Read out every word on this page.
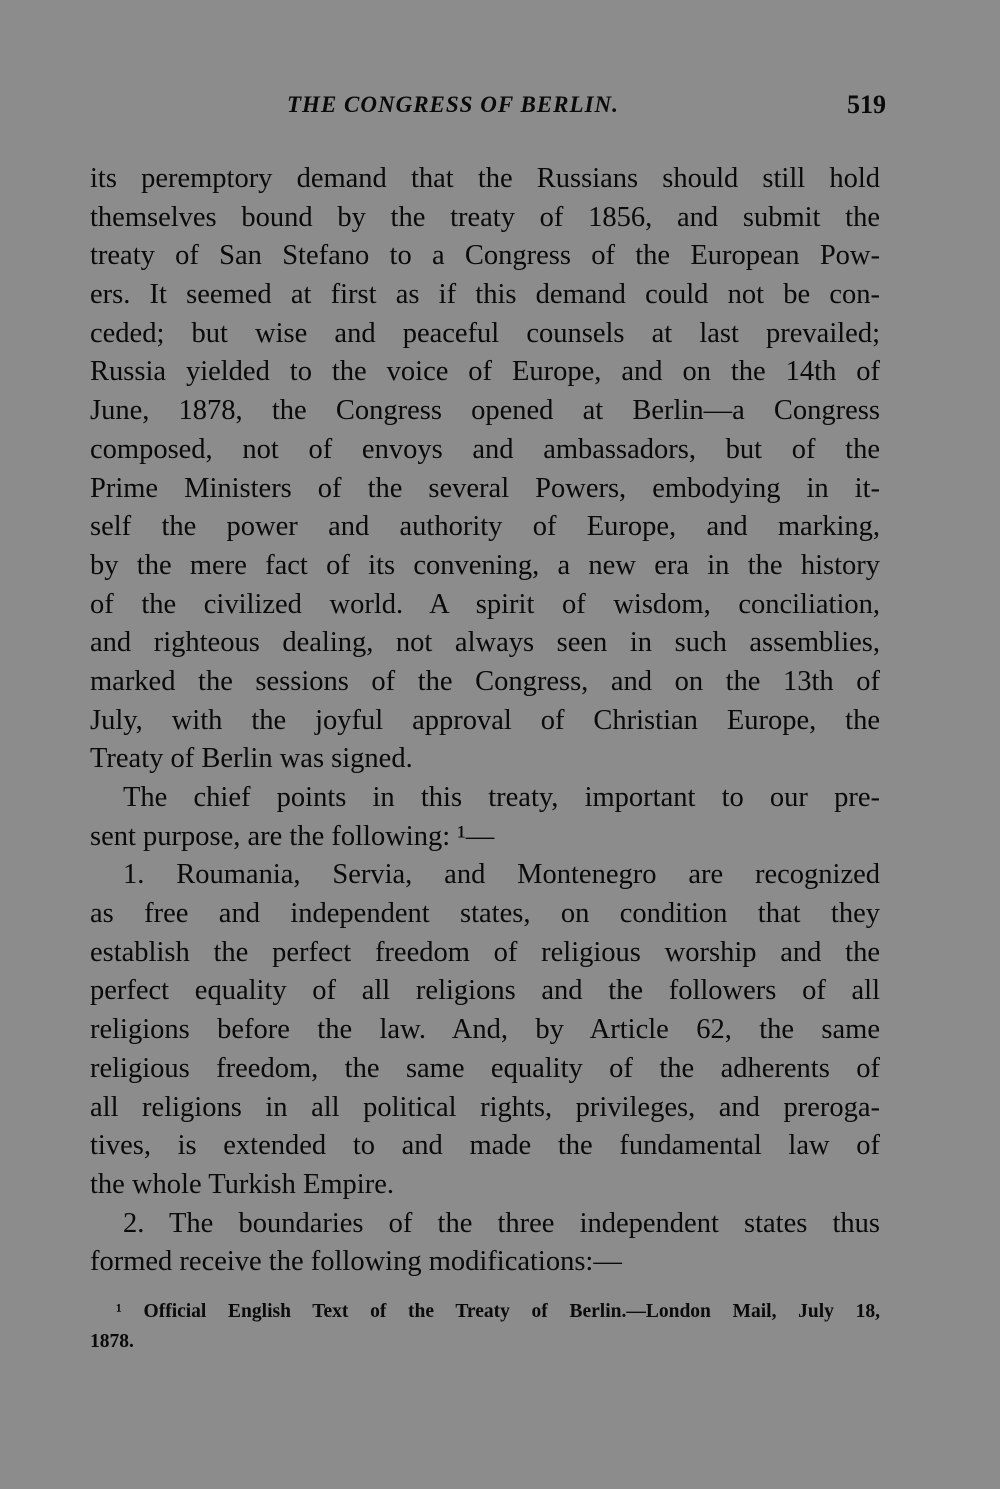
THE CONGRESS OF BERLIN.	519
its peremptory demand that the Russians should still hold
themselves bound by the treaty of 1856, and submit the
treaty of San Stefano to a Congress of the European Pow-
ers. It seemed at first as if this demand could not be con-
ceded; but wise and peaceful counsels at last prevailed;
Russia yielded to the voice of Europe, and on the 14th of
June, 1878, the Congress opened at Berlin—a Congress
composed, not of envoys and ambassadors, but of the
Prime Ministers of the several Powers, embodying in it-
self the power and authority of Europe, and marking,
by the mere fact of its convening, a new era in the history
of the civilized world. A spirit of wisdom, conciliation,
and righteous dealing, not always seen in such assemblies,
marked the sessions of the Congress, and on the 13th of
July, with the joyful approval of Christian Europe, the
Treaty of Berlin was signed.
The chief points in this treaty, important to our pre-
sent purpose, are the following: ¹—
1. Roumania, Servia, and Montenegro are recognized
as free and independent states, on condition that they
establish the perfect freedom of religious worship and the
perfect equality of all religions and the followers of all
religions before the law. And, by Article 62, the same
religious freedom, the same equality of the adherents of
all religions in all political rights, privileges, and preroga-
tives, is extended to and made the fundamental law of
the whole Turkish Empire.
2. The boundaries of the three independent states thus
formed receive the following modifications:—
¹ Official English Text of the Treaty of Berlin.—London Mail, July 18,
1878.
